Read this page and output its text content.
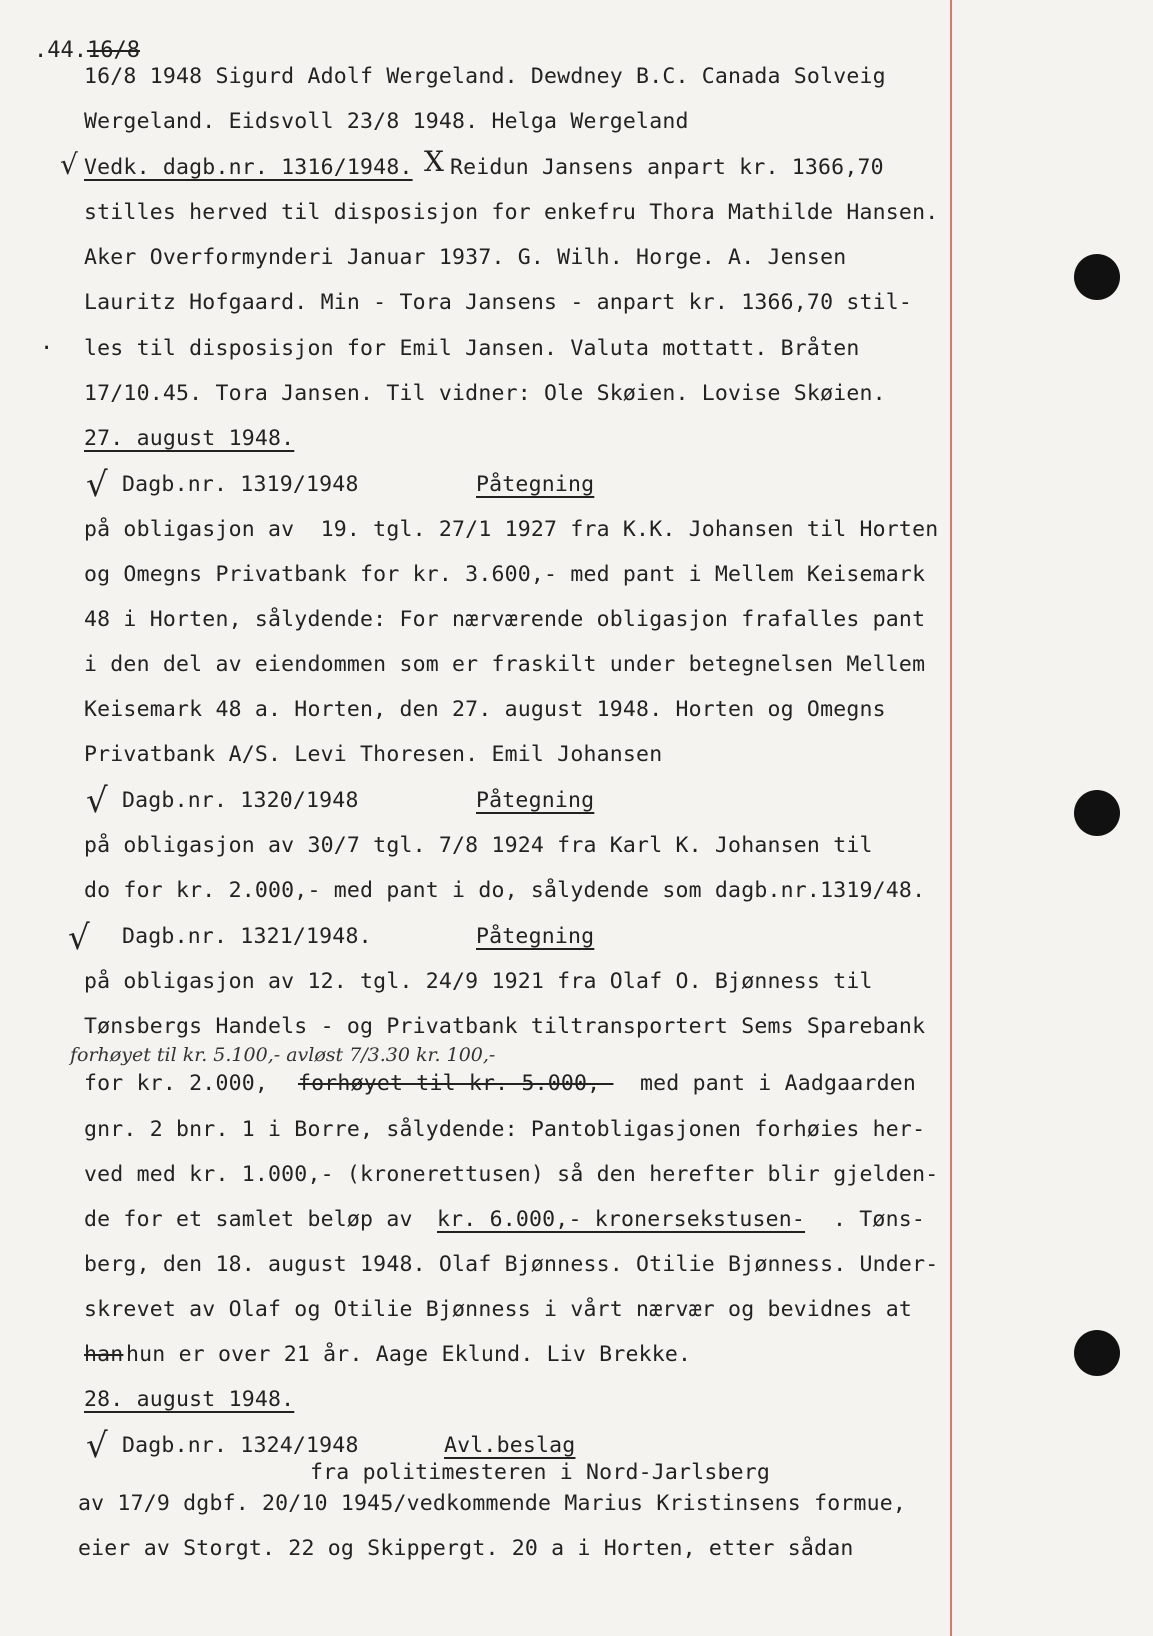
.44.16/8
16/8 1948 Sigurd Adolf Wergeland. Dewdney B.C. Canada Solveig
Wergeland. Eidsvoll 23/8 1948. Helga Wergeland
√ Vedk. dagb.nr. 1316/1948. X Reidun Jansens anpart kr. 1366,70
stilles herved til disposisjon for enkefru Thora Mathilde Hansen.
Aker Overformynderi Januar 1937. G. Wilh. Horge. A. Jensen
Lauritz Hofgaard. Min - Tora Jansens - anpart kr. 1366,70 stil-
· les til disposisjon for Emil Jansen. Valuta mottatt. Bråten
17/10.45. Tora Jansen. Til vidner: Ole Skøien. Lovise Skøien.
27. august 1948.
√ Dagb.nr. 1319/1948	Påtegning
på obligasjon av  19. tgl. 27/1 1927 fra K.K. Johansen til Horten
og Omegns Privatbank for kr. 3.600,- med pant i Mellem Keisemark
48 i Horten, sålydende: For nærværende obligasjon frafalles pant
i den del av eiendommen som er fraskilt under betegnelsen Mellem
Keisemark 48 a. Horten, den 27. august 1948. Horten og Omegns
Privatbank A/S. Levi Thoresen. Emil Johansen
√ Dagb.nr. 1320/1948	Påtegning
på obligasjon av 30/7 tgl. 7/8 1924 fra Karl K. Johansen til
do for kr. 2.000,- med pant i do, sålydende som dagb.nr.1319/48.
√ Dagb.nr. 1321/1948.	Påtegning
på obligasjon av 12. tgl. 24/9 1921 fra Olaf O. Bjønness til
Tønsbergs Handels - og Privatbank tiltransportert Sems Sparebank
forhøyet til kr. 5.100,- avløst 7/3.30 kr. 100,-
for kr. 2.000, forhøyet til kr. 5.000,- med pant i Aadgaarden
gnr. 2 bnr. 1 i Borre, sålydende: Pantobligasjonen forhøies her-
ved med kr. 1.000,- (kronerettusen) så den herefter blir gjelden-
de for et samlet beløp av kr. 6.000,- kronersekstusen- . Tøns-
berg, den 18. august 1948. Olaf Bjønness. Otilie Bjønness. Under-
skrevet av Olaf og Otilie Bjønness i vårt nærvær og bevidnes at
han hun er over 21 år. Aage Eklund. Liv Brekke.
28. august 1948.
√ Dagb.nr. 1324/1948	Avl.beslag
fra politimesteren i Nord-Jarlsberg
av 17/9 dgbf. 20/10 1945/vedkommende Marius Kristinsens formue,
eier av Storgt. 22 og Skippergt. 20 a i Horten, etter sådan
